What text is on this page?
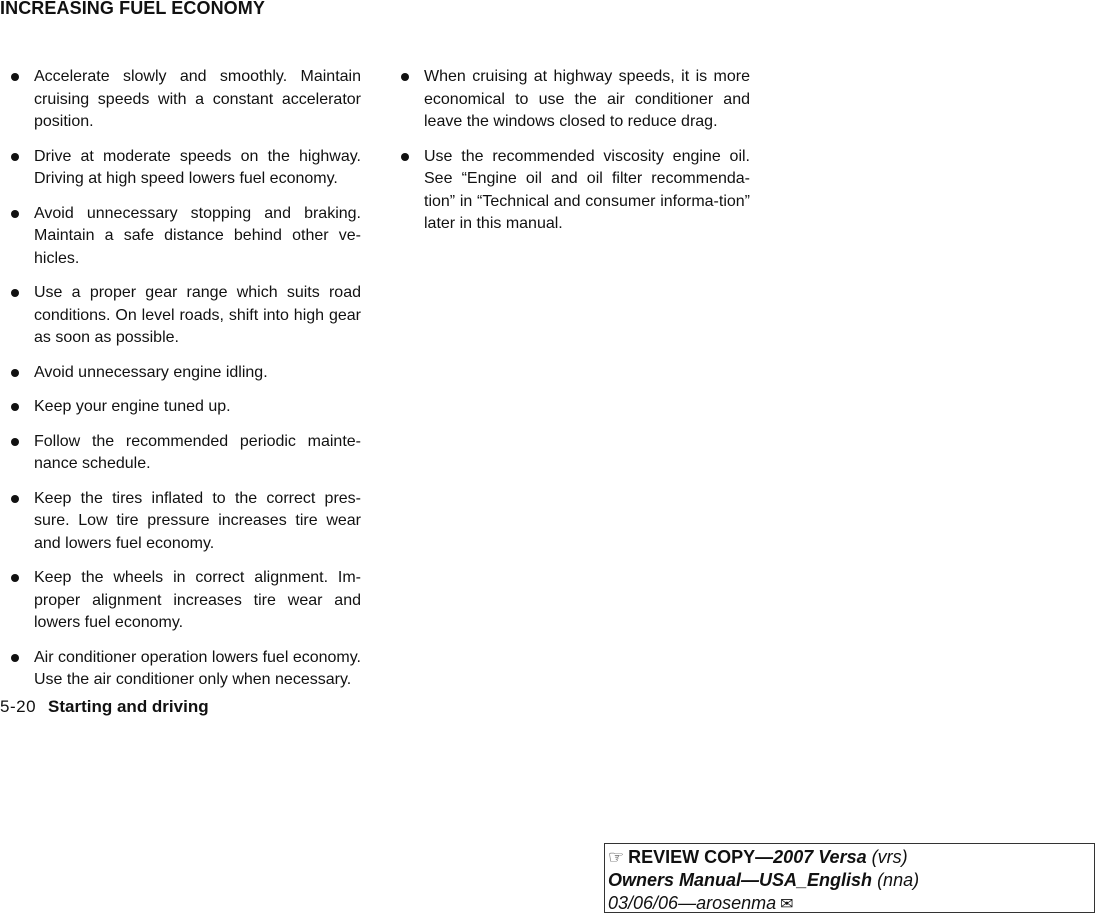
INCREASING FUEL ECONOMY
Accelerate slowly and smoothly. Maintain cruising speeds with a constant accelerator position.
Drive at moderate speeds on the highway. Driving at high speed lowers fuel economy.
Avoid unnecessary stopping and braking. Maintain a safe distance behind other ve-hicles.
Use a proper gear range which suits road conditions. On level roads, shift into high gear as soon as possible.
Avoid unnecessary engine idling.
Keep your engine tuned up.
Follow the recommended periodic mainte-nance schedule.
Keep the tires inflated to the correct pres-sure. Low tire pressure increases tire wear and lowers fuel economy.
Keep the wheels in correct alignment. Im-proper alignment increases tire wear and lowers fuel economy.
Air conditioner operation lowers fuel economy. Use the air conditioner only when necessary.
When cruising at highway speeds, it is more economical to use the air conditioner and leave the windows closed to reduce drag.
Use the recommended viscosity engine oil. See “Engine oil and oil filter recommenda-tion” in “Technical and consumer informa-tion” later in this manual.
5-20 Starting and driving
☞ REVIEW COPY—2007 Versa (vrs)
Owners Manual—USA_English (nna)
03/06/06—arosenma ✉
